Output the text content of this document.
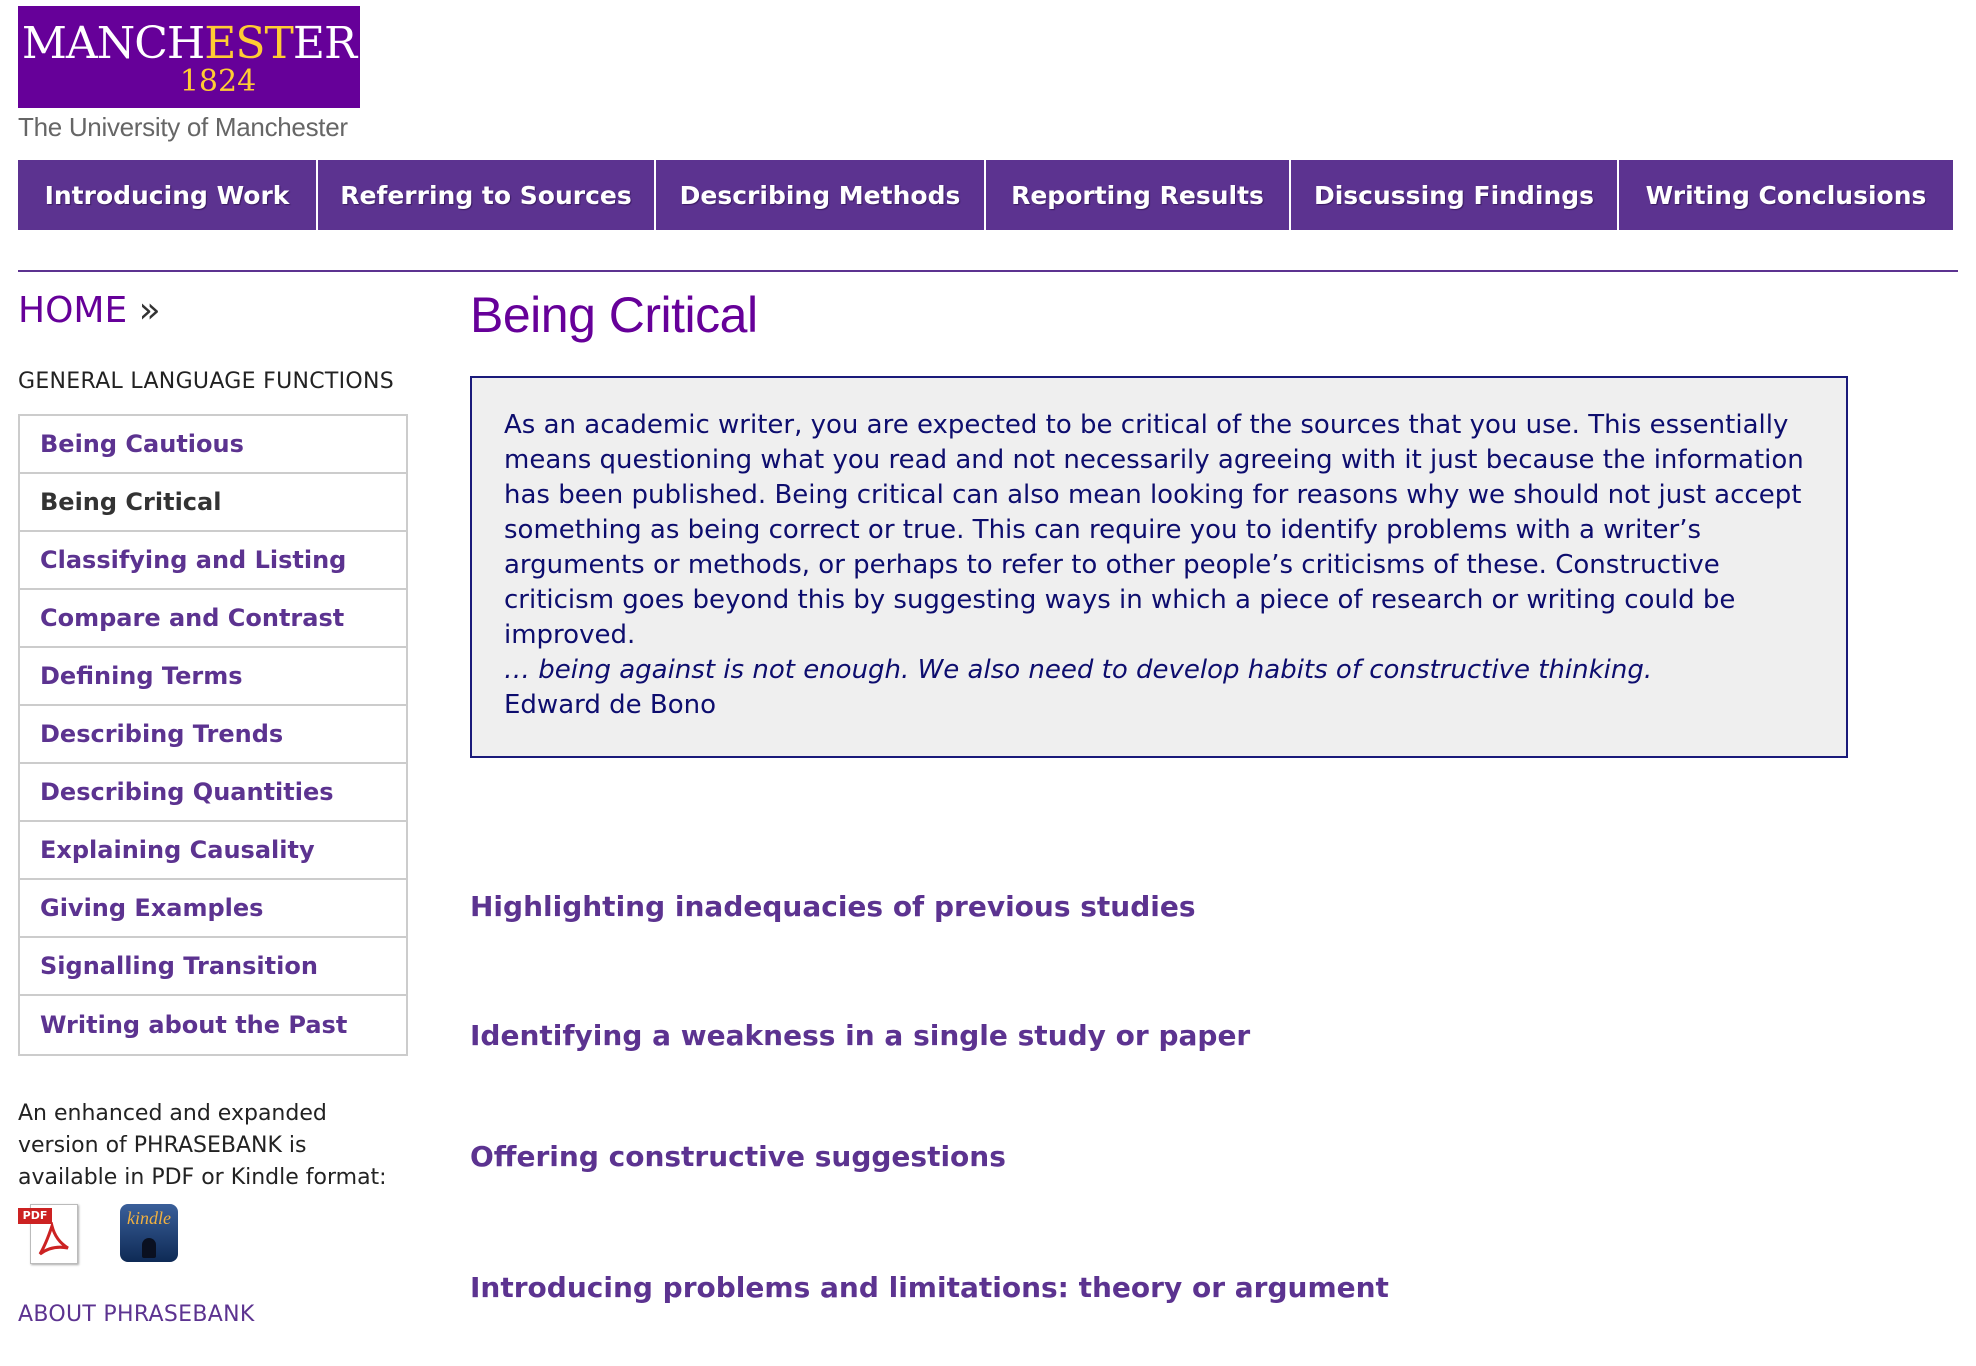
MANCHESTER
1824
The University of Manchester
Introducing Work	Referring to Sources	Describing Methods	Reporting Results	Discussing Findings	Writing Conclusions
HOME »
GENERAL LANGUAGE FUNCTIONS
Being Cautious
Being Critical
Classifying and Listing
Compare and Contrast
Defining Terms
Describing Trends
Describing Quantities
Explaining Causality
Giving Examples
Signalling Transition
Writing about the Past
An enhanced and expanded version of PHRASEBANK is available in PDF or Kindle format:
PDF	kindle
ABOUT PHRASEBANK
Being Critical
As an academic writer, you are expected to be critical of the sources that you use. This essentially means questioning what you read and not necessarily agreeing with it just because the information has been published. Being critical can also mean looking for reasons why we should not just accept something as being correct or true. This can require you to identify problems with a writer’s arguments or methods, or perhaps to refer to other people’s criticisms of these. Constructive criticism goes beyond this by suggesting ways in which a piece of research or writing could be improved.
… being against is not enough. We also need to develop habits of constructive thinking.
Edward de Bono
Highlighting inadequacies of previous studies
Identifying a weakness in a single study or paper
Offering constructive suggestions
Introducing problems and limitations: theory or argument
